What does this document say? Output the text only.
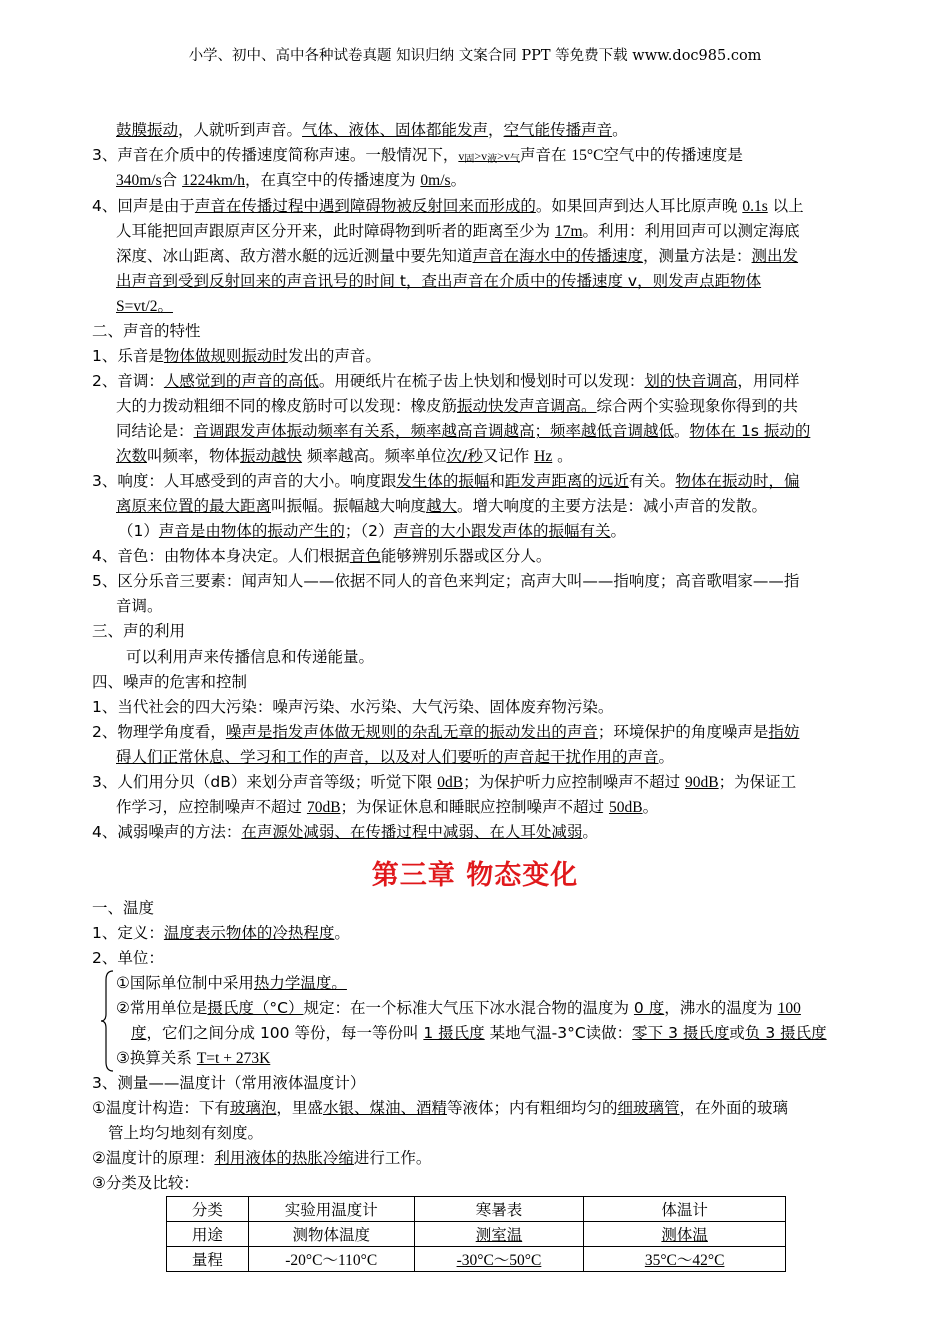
小学、初中、高中各种试卷真题 知识归纳 文案合同 PPT 等免费下载 www.doc985.com
鼓膜振动，人就听到声音。气体、液体、固体都能发声，空气能传播声音。
3、声音在介质中的传播速度简称声速。一般情况下，$v_固>v_液>v_气$声音在 15°C空气中的传播速度是
340m/s合 1224km/h，在真空中的传播速度为 0m/s。
4、回声是由于声音在传播过程中遇到障碍物被反射回来而形成的。如果回声到达人耳比原声晚 0.1s 以上
人耳能把回声跟原声区分开来，此时障碍物到听者的距离至少为 17m。利用：利用回声可以测定海底
深度、冰山距离、敌方潜水艇的远近测量中要先知道声音在海水中的传播速度，测量方法是：测出发
出声音到受到反射回来的声音讯号的时间 t，查出声音在介质中的传播速度 v，则发声点距物体
S=vt/2。
二、声音的特性
1、乐音是物体做规则振动时发出的声音。
2、音调：人感觉到的声音的高低。用硬纸片在梳子齿上快划和慢划时可以发现：划的快音调高，用同样
大的力拨动粗细不同的橡皮筋时可以发现：橡皮筋振动快发声音调高。综合两个实验现象你得到的共
同结论是：音调跟发声体振动频率有关系，频率越高音调越高；频率越低音调越低。物体在 1s 振动的
次数叫频率，物体振动越快 频率越高。频率单位次/秒又记作 Hz 。
3、响度：人耳感受到的声音的大小。响度跟发生体的振幅和距发声距离的远近有关。物体在振动时，偏
离原来位置的最大距离叫振幅。振幅越大响度越大。增大响度的主要方法是：减小声音的发散。
（1）声音是由物体的振动产生的；（2）声音的大小跟发声体的振幅有关。
4、音色：由物体本身决定。人们根据音色能够辨别乐器或区分人。
5、区分乐音三要素：闻声知人——依据不同人的音色来判定；高声大叫——指响度；高音歌唱家——指
音调。
三、声的利用
可以利用声来传播信息和传递能量。
四、噪声的危害和控制
1、当代社会的四大污染：噪声污染、水污染、大气污染、固体废弃物污染。
2、物理学角度看，噪声是指发声体做无规则的杂乱无章的振动发出的声音；环境保护的角度噪声是指妨
碍人们正常休息、学习和工作的声音，以及对人们要听的声音起干扰作用的声音。
3、人们用分贝（dB）来划分声音等级；听觉下限 0dB；为保护听力应控制噪声不超过 90dB；为保证工
作学习，应控制噪声不超过 70dB；为保证休息和睡眠应控制噪声不超过 50dB。
4、减弱噪声的方法：在声源处减弱、在传播过程中减弱、在人耳处减弱。
第三章 物态变化
一、温度
1、定义：温度表示物体的冷热程度。
2、单位：
①国际单位制中采用热力学温度。
②常用单位是摄氏度（°C）规定：在一个标准大气压下冰水混合物的温度为 0 度，沸水的温度为 100
度，它们之间分成 100 等份，每一等份叫 1 摄氏度 某地气温-3°C读做：零下 3 摄氏度或负 3 摄氏度
③换算关系 T=t + 273K
3、测量——温度计（常用液体温度计）
①温度计构造：下有玻璃泡，里盛水银、煤油、酒精等液体；内有粗细均匀的细玻璃管，在外面的玻璃
管上均匀地刻有刻度。
②温度计的原理：利用液体的热胀冷缩进行工作。
③分类及比较：
分类	实验用温度计	寒暑表	体温计
用途	测物体温度	测室温	测体温
量程	-20°C～110°C	-30°C～50°C	35°C～42°C
